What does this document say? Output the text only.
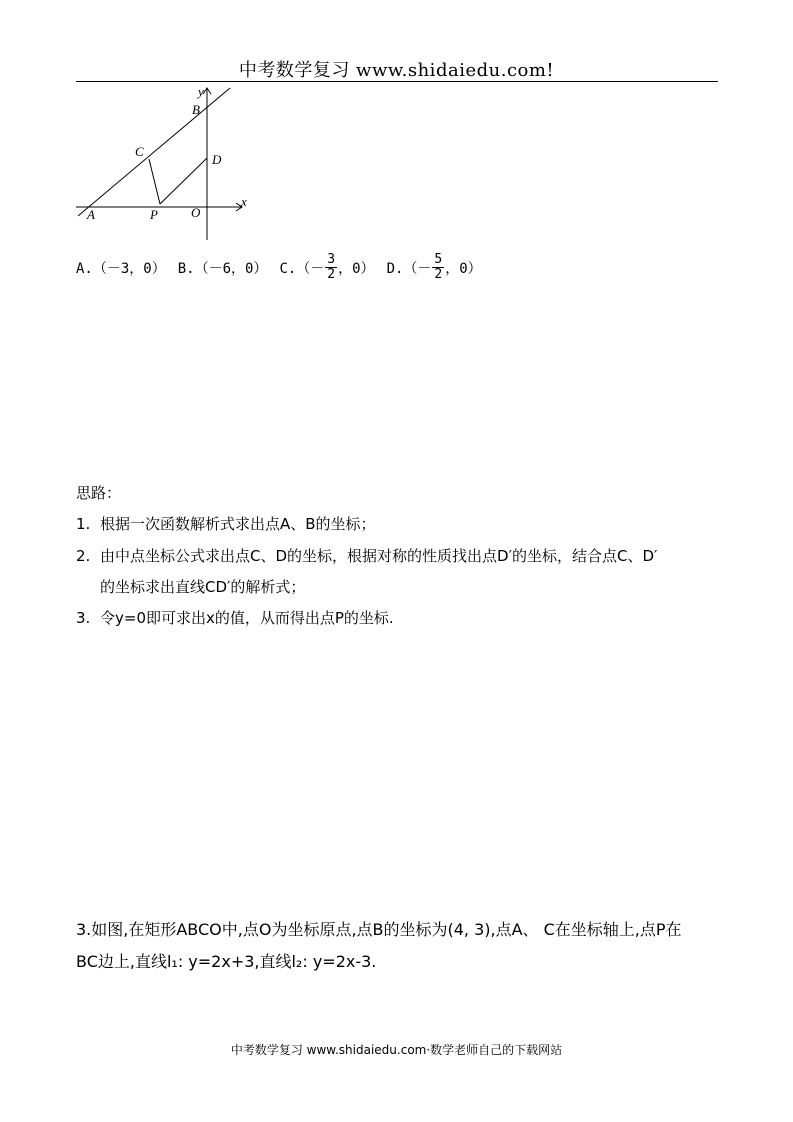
中考数学复习 www.shidaiedu.com!
y
x
B
C
D
A	P	O
A.（－3，0） B.（－6，0） $C.(- \frac{3}{2}$ ，0） $D.(- \frac{5}{2}$ ，0）
思路：
1. 根据一次函数解析式求出点A、B的坐标；
2. 由中点坐标公式求出点C、D的坐标，根据对称的性质找出点D′的坐标，结合点C、D′
的坐标求出直线CD′的解析式；
3. 令y=0即可求出x的值，从而得出点P的坐标.
3.如图,在矩形ABCO中,点O为坐标原点,点B的坐标为(4, 3),点A、 C在坐标轴上,点P在
BC边上,直线l₁: y=2x+3,直线l₂: y=2x-3.
中考数学复习 www.shidaiedu.com·数学老师自己的下载网站
